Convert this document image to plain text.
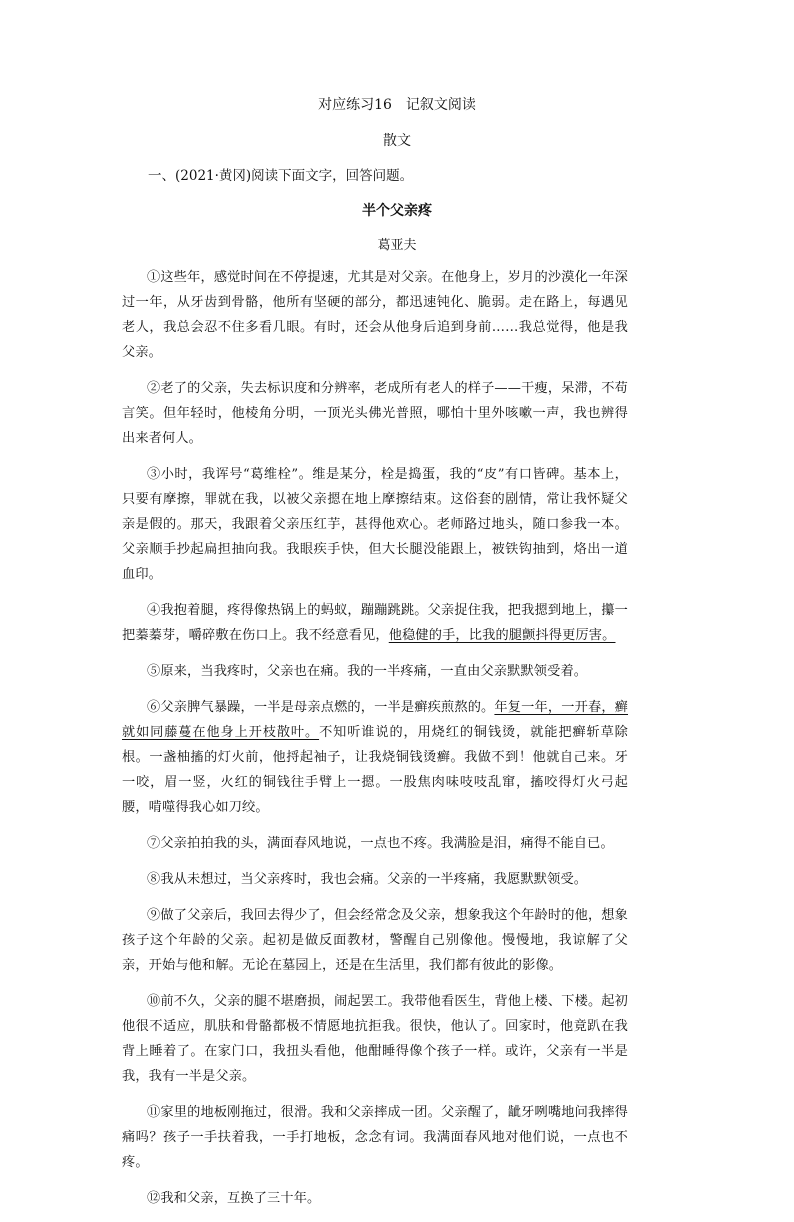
对应练习16　记叙文阅读
散文
一、(2021·黄冈)阅读下面文字，回答问题。
半个父亲疼
葛亚夫

①这些年，感觉时间在不停提速，尤其是对父亲。在他身上，岁月的沙漠化一年深过一年，从牙齿到骨骼，他所有坚硬的部分，都迅速钝化、脆弱。走在路上，每遇见老人，我总会忍不住多看几眼。有时，还会从他身后追到身前……我总觉得，他是我父亲。

②老了的父亲，失去标识度和分辨率，老成所有老人的样子——干瘦，呆滞，不苟言笑。但年轻时，他棱角分明，一顶光头佛光普照，哪怕十里外咳嗽一声，我也辨得出来者何人。

③小时，我诨号“葛维栓”。维是某分，栓是捣蛋，我的“皮”有口皆碑。基本上，只要有摩擦，罪就在我，以被父亲摁在地上摩擦结束。这俗套的剧情，常让我怀疑父亲是假的。那天，我跟着父亲压红芋，甚得他欢心。老师路过地头，随口参我一本。父亲顺手抄起扁担抽向我。我眼疾手快，但大长腿没能跟上，被铁钩抽到，烙出一道血印。

④我抱着腿，疼得像热锅上的蚂蚁，蹦蹦跳跳。父亲捉住我，把我摁到地上，攥一把蓁蓁芽，嚼碎敷在伤口上。我不经意看见，他稳健的手，比我的腿颤抖得更厉害。

⑤原来，当我疼时，父亲也在痛。我的一半疼痛，一直由父亲默默领受着。

⑥父亲脾气暴躁，一半是母亲点燃的，一半是癣疾煎熬的。年复一年，一开春，癣就如同藤蔓在他身上开枝散叶。不知听谁说的，用烧红的铜钱烫，就能把癣斩草除根。一盏柚搐的灯火前，他捋起袖子，让我烧铜钱烫癣。我做不到！他就自己来。牙一咬，眉一竖，火红的铜钱往手臂上一摁。一股焦肉味吱吱乱窜，搐咬得灯火弓起腰，啃噬得我心如刀绞。

⑦父亲拍拍我的头，满面春风地说，一点也不疼。我满脸是泪，痛得不能自已。

⑧我从未想过，当父亲疼时，我也会痛。父亲的一半疼痛，我愿默默领受。

⑨做了父亲后，我回去得少了，但会经常念及父亲，想象我这个年龄时的他，想象孩子这个年龄的父亲。起初是做反面教材，警醒自己别像他。慢慢地，我谅解了父亲，开始与他和解。无论在墓园上，还是在生活里，我们都有彼此的影像。

⑩前不久，父亲的腿不堪磨损，闹起罢工。我带他看医生，背他上楼、下楼。起初他很不适应，肌肤和骨骼都极不情愿地抗拒我。很快，他认了。回家时，他竟趴在我背上睡着了。在家门口，我扭头看他，他酣睡得像个孩子一样。或许，父亲有一半是我，我有一半是父亲。

⑪家里的地板刚拖过，很滑。我和父亲摔成一团。父亲醒了，龇牙咧嘴地问我摔得痛吗？孩子一手扶着我，一手打地板，念念有词。我满面春风地对他们说，一点也不疼。

⑫我和父亲，互换了三十年。
